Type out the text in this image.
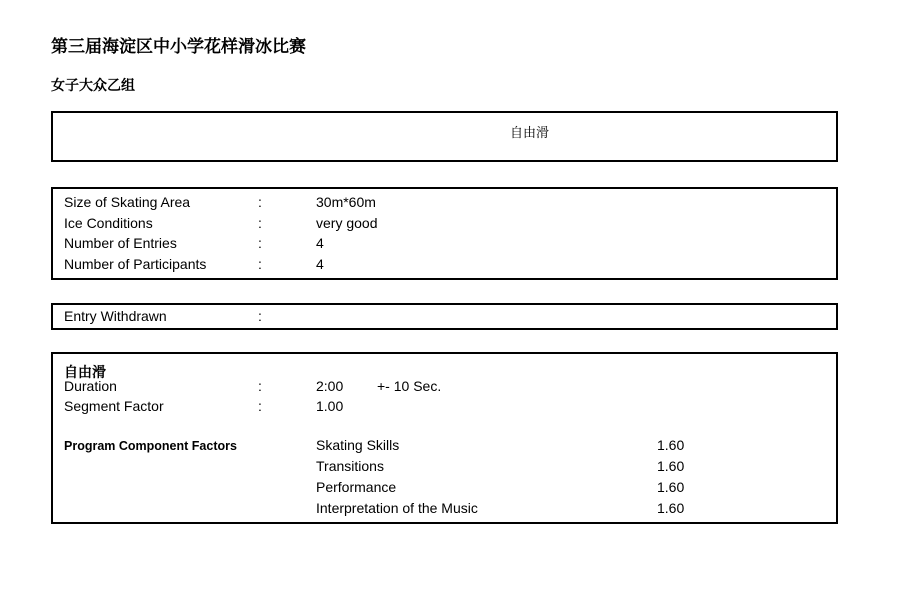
第三届海淀区中小学花样滑冰比赛
女子大众乙组
自由滑
Size of Skating Area	:	30m*60m
Ice Conditions	:	very good
Number of Entries	:	4
Number of Participants	:	4
Entry Withdrawn	:
自由滑
Duration	:	2:00 +- 10 Sec.
Segment Factor	:	1.00
Program Component Factors	Skating Skills	1.60
Transitions	1.60
Performance	1.60
Interpretation of the Music	1.60
